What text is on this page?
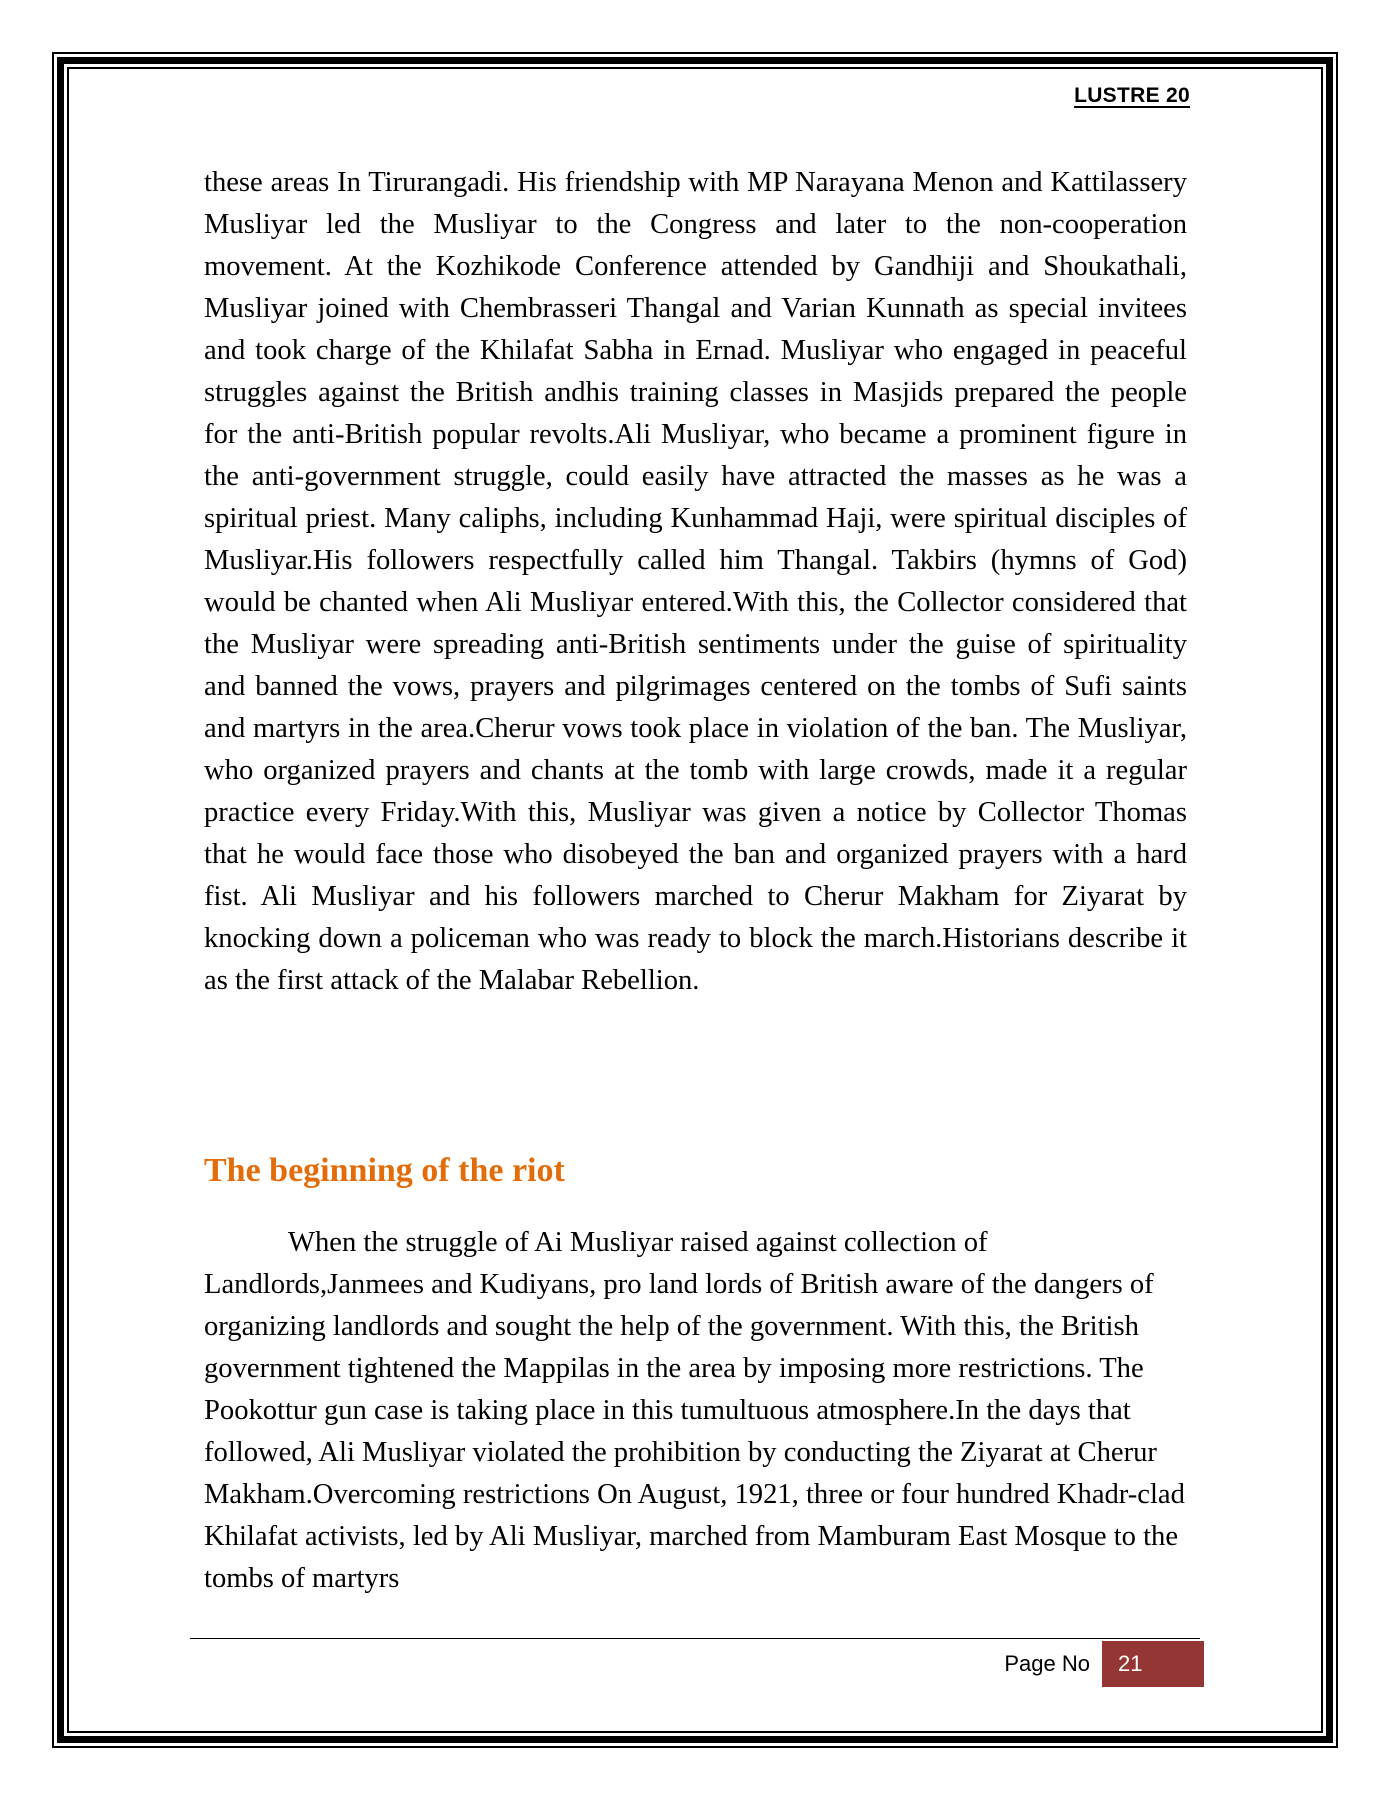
LUSTRE 20

these areas In Tirurangadi. His friendship with MP Narayana Menon and Kattilassery Musliyar led the Musliyar to the Congress and later to the non-cooperation movement. At the Kozhikode Conference attended by Gandhiji and Shoukathali, Musliyar joined with Chembrasseri Thangal and Varian Kunnath as special invitees and took charge of the Khilafat Sabha in Ernad. Musliyar who engaged in peaceful struggles against the British andhis training classes in Masjids prepared the people for the anti-British popular revolts.Ali Musliyar, who became a prominent figure in the anti-government struggle, could easily have attracted the masses as he was a spiritual priest. Many caliphs, including Kunhammad Haji, were spiritual disciples of Musliyar.His followers respectfully called him Thangal. Takbirs (hymns of God) would be chanted when Ali Musliyar entered.With this, the Collector considered that the Musliyar were spreading anti-British sentiments under the guise of spirituality and banned the vows, prayers and pilgrimages centered on the tombs of Sufi saints and martyrs in the area.Cherur vows took place in violation of the ban. The Musliyar, who organized prayers and chants at the tomb with large crowds, made it a regular practice every Friday.With this, Musliyar was given a notice by Collector Thomas that he would face those who disobeyed the ban and organized prayers with a hard fist. Ali Musliyar and his followers marched to Cherur Makham for Ziyarat by knocking down a policeman who was ready to block the march.Historians describe it as the first attack of the Malabar Rebellion.

The beginning of the riot

When the struggle of Ai Musliyar raised against collection of Landlords,Janmees and Kudiyans, pro land lords of British aware of the dangers of organizing landlords and sought the help of the government. With this, the British government tightened the Mappilas in the area by imposing more restrictions. The Pookottur gun case is taking place in this tumultuous atmosphere.In the days that followed, Ali Musliyar violated the prohibition by conducting the Ziyarat at Cherur Makham.Overcoming restrictions On August, 1921, three or four hundred Khadr-clad Khilafat activists, led by Ali Musliyar, marched from Mamburam East Mosque to the tombs of martyrs

Page No	21
